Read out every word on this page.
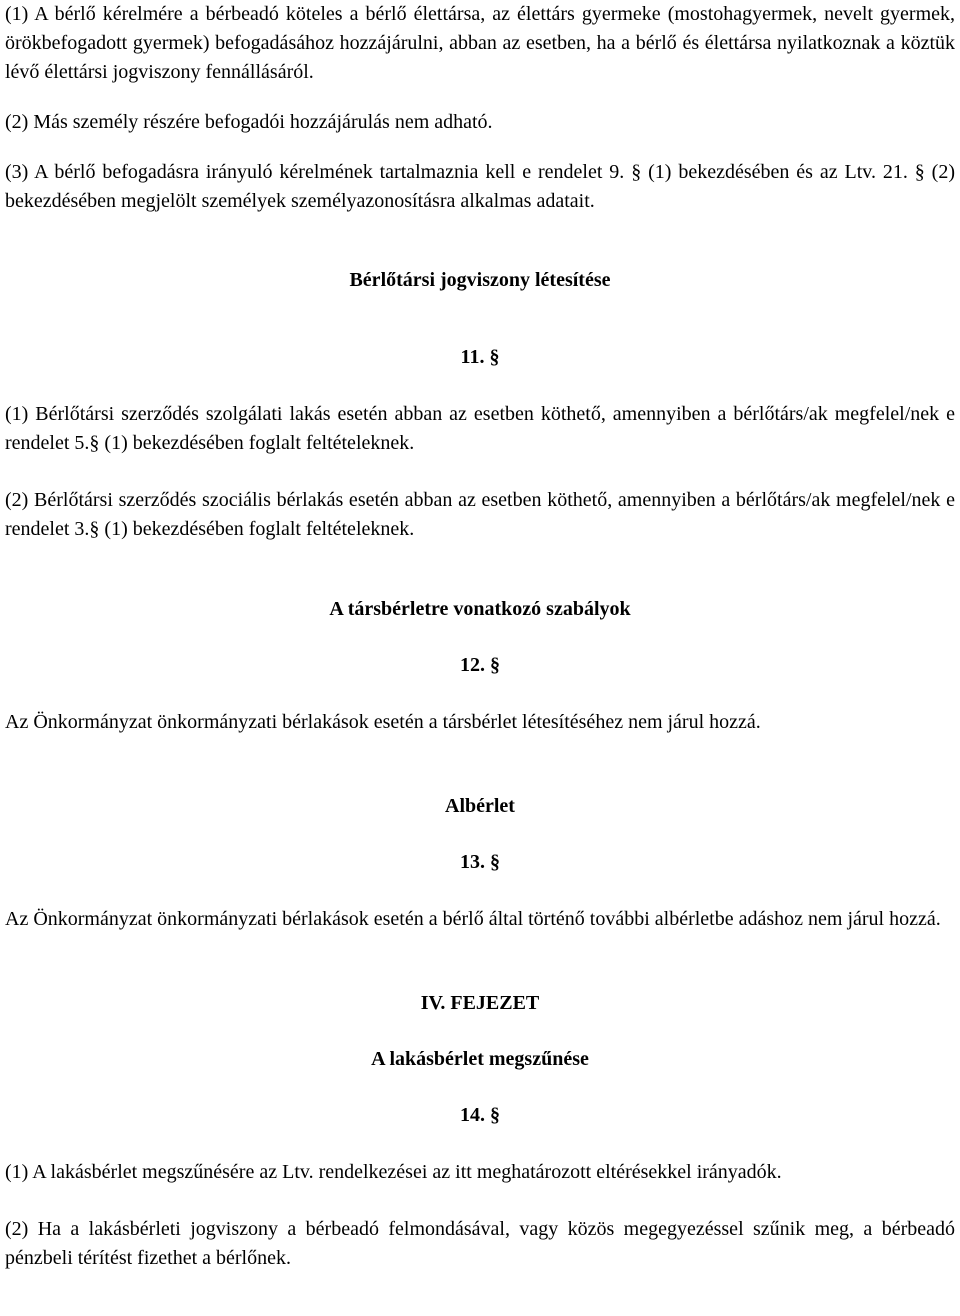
(1) A bérlő kérelmére a bérbeadó köteles a bérlő élettársa, az élettárs gyermeke (mostohagyermek, nevelt gyermek, örökbefogadott gyermek) befogadásához hozzájárulni, abban az esetben, ha a bérlő és élettársa nyilatkoznak a köztük lévő élettársi jogviszony fennállásáról.

(2) Más személy részére befogadói hozzájárulás nem adható.

(3) A bérlő befogadásra irányuló kérelmének tartalmaznia kell e rendelet 9. § (1) bekezdésében és az Ltv. 21. § (2) bekezdésében megjelölt személyek személyazonosításra alkalmas adatait.

Bérlőtársi jogviszony létesítése

11. §

(1) Bérlőtársi szerződés szolgálati lakás esetén abban az esetben köthető, amennyiben a bérlőtárs/ak megfelel/nek e rendelet 5.§ (1) bekezdésében foglalt feltételeknek.

(2) Bérlőtársi szerződés szociális bérlakás esetén abban az esetben köthető, amennyiben a bérlőtárs/ak megfelel/nek e rendelet 3.§ (1) bekezdésében foglalt feltételeknek.

A társbérletre vonatkozó szabályok

12. §

Az Önkormányzat önkormányzati bérlakások esetén a társbérlet létesítéséhez nem járul hozzá.

Albérlet

13. §

Az Önkormányzat önkormányzati bérlakások esetén a bérlő által történő további albérletbe adáshoz nem járul hozzá.

IV. FEJEZET

A lakásbérlet megszűnése

14. §

(1) A lakásbérlet megszűnésére az Ltv. rendelkezései az itt meghatározott eltérésekkel irányadók.

(2) Ha a lakásbérleti jogviszony a bérbeadó felmondásával, vagy közös megegyezéssel szűnik meg, a bérbeadó pénzbeli térítést fizethet a bérlőnek.
